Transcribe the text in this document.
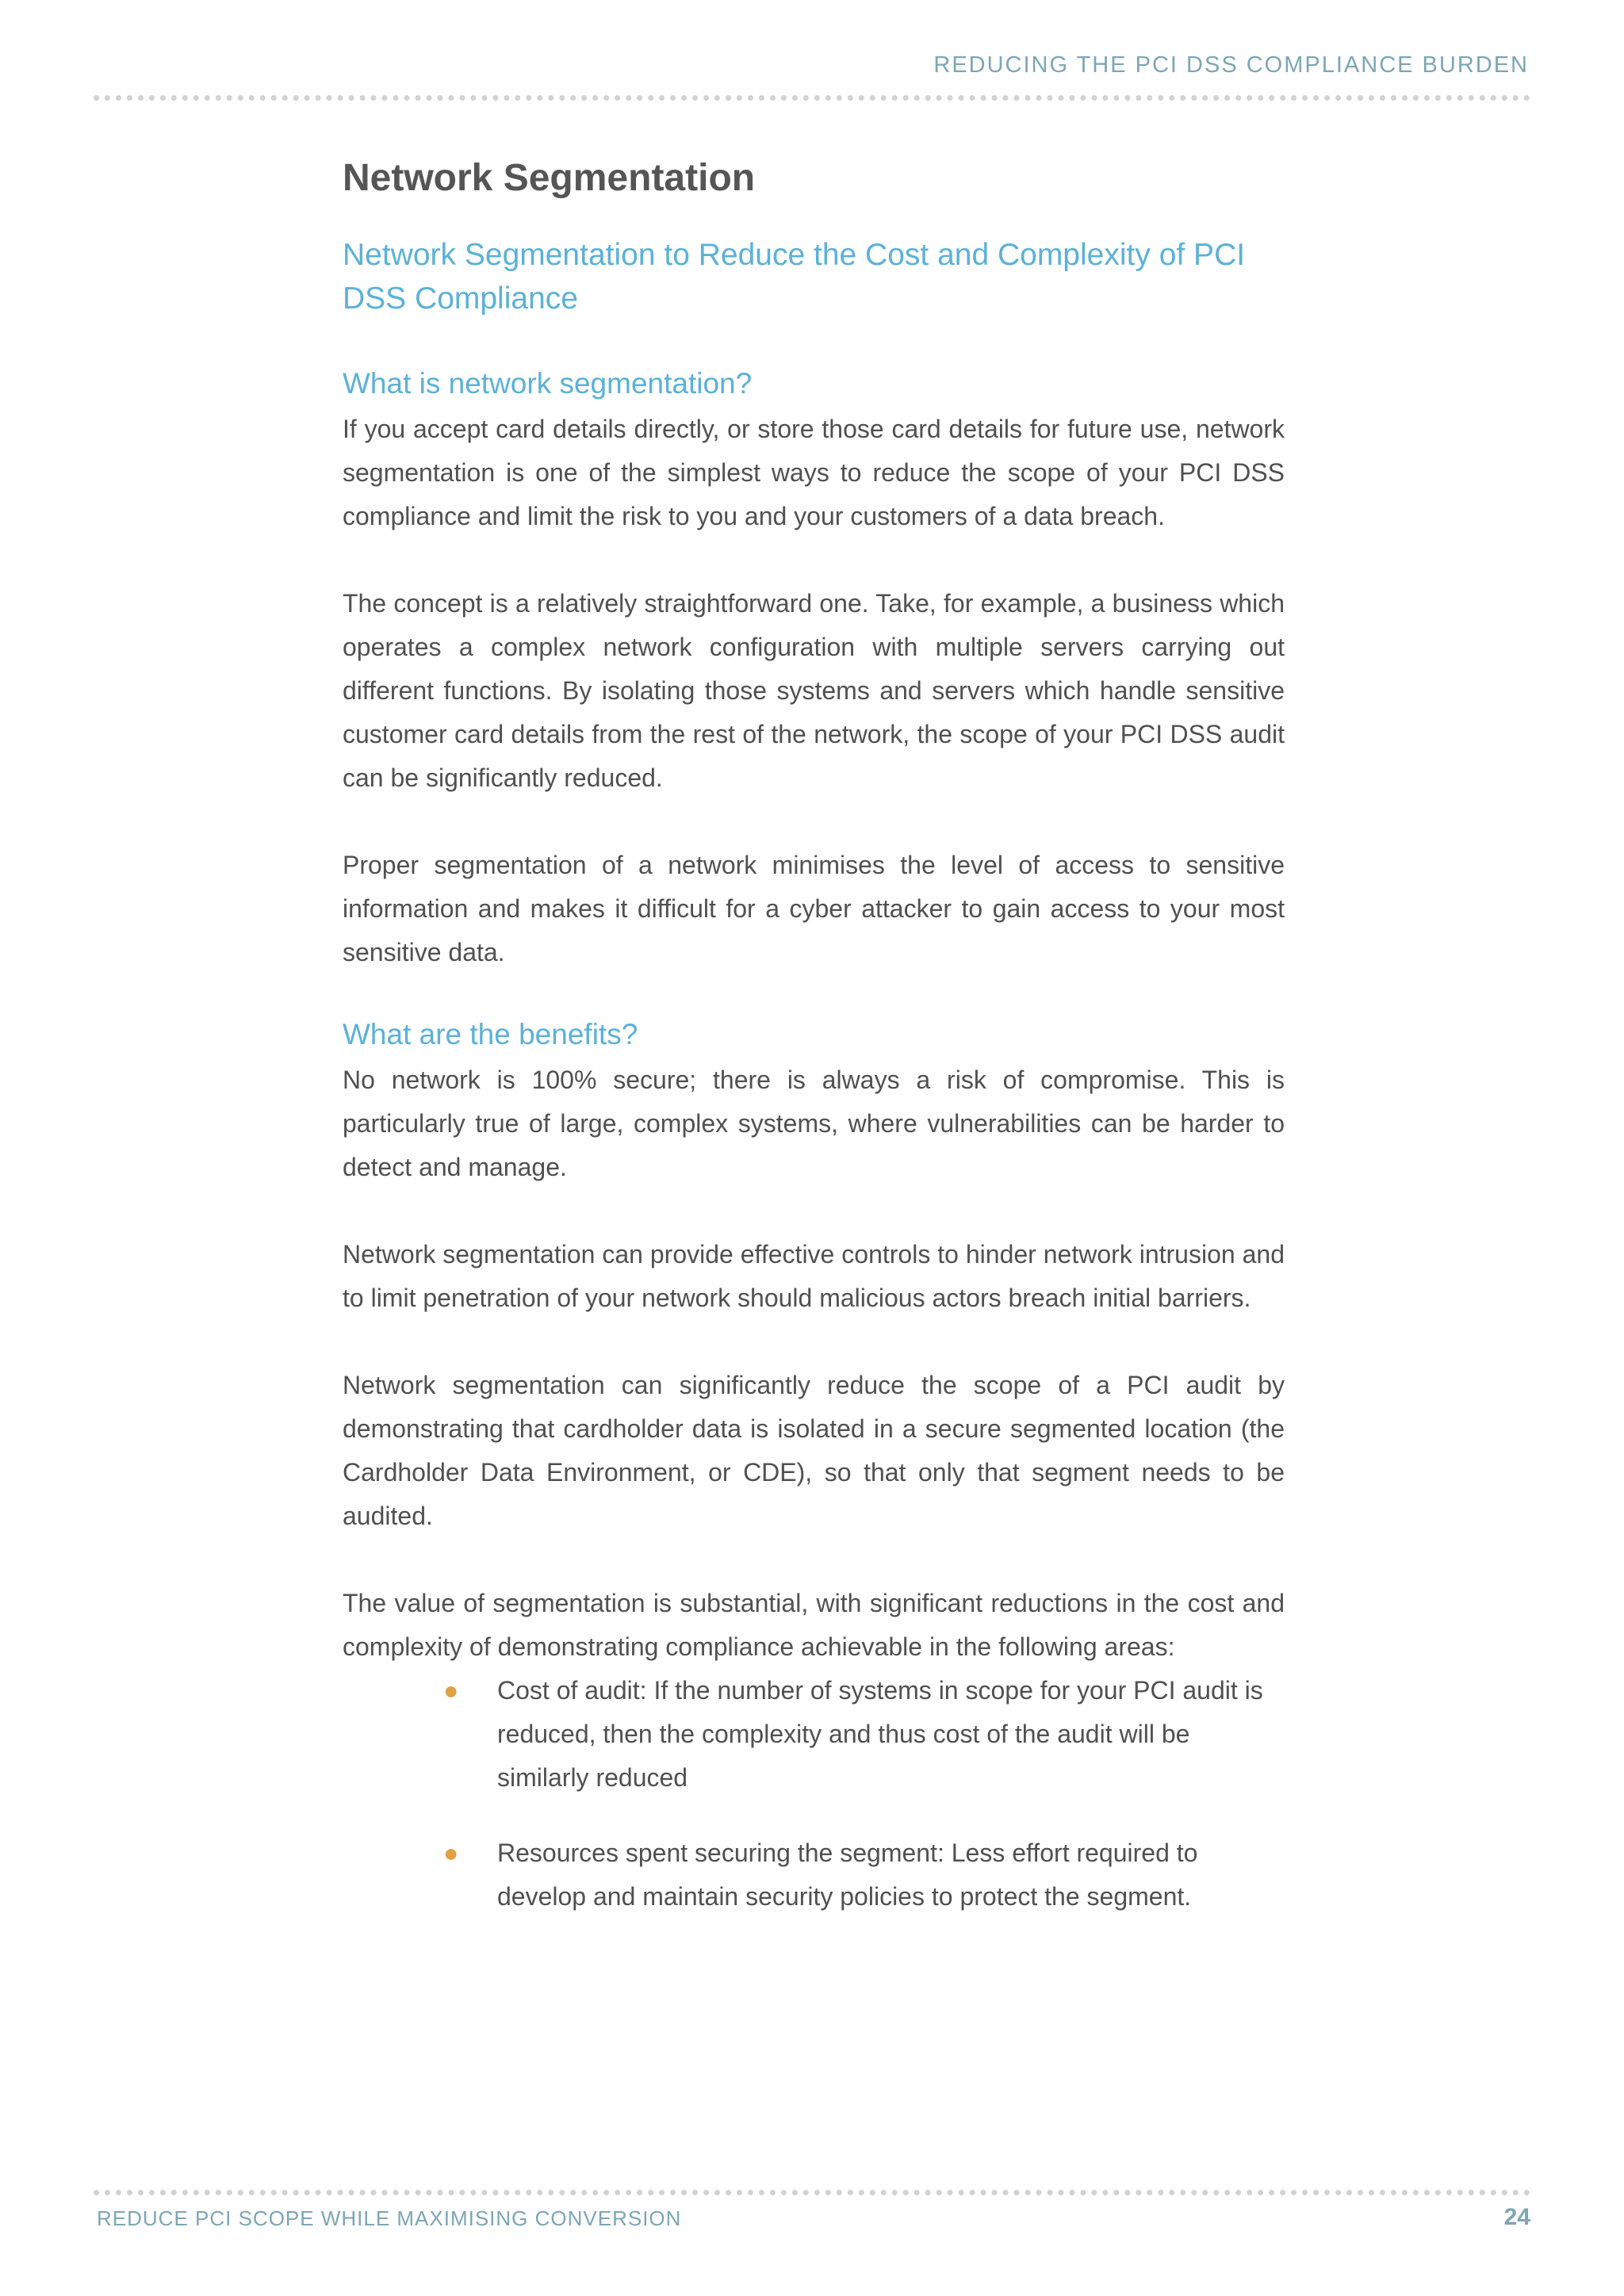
REDUCING THE PCI DSS COMPLIANCE BURDEN
Network Segmentation
Network Segmentation to Reduce the Cost and Complexity of PCI DSS Compliance
What is network segmentation?

If you accept card details directly, or store those card details for future use, network segmentation is one of the simplest ways to reduce the scope of your PCI DSS compliance and limit the risk to you and your customers of a data breach.

The concept is a relatively straightforward one. Take, for example, a business which operates a complex network configuration with multiple servers carrying out different functions. By isolating those systems and servers which handle sensitive customer card details from the rest of the network, the scope of your PCI DSS audit can be significantly reduced.

Proper segmentation of a network minimises the level of access to sensitive information and makes it difficult for a cyber attacker to gain access to your most sensitive data.

What are the benefits?

No network is 100% secure; there is always a risk of compromise. This is particularly true of large, complex systems, where vulnerabilities can be harder to detect and manage.

Network segmentation can provide effective controls to hinder network intrusion and to limit penetration of your network should malicious actors breach initial barriers.

Network segmentation can significantly reduce the scope of a PCI audit by demonstrating that cardholder data is isolated in a secure segmented location (the Cardholder Data Environment, or CDE), so that only that segment needs to be audited.

The value of segmentation is substantial, with significant reductions in the cost and complexity of demonstrating compliance achievable in the following areas:

● Cost of audit: If the number of systems in scope for your PCI audit is reduced, then the complexity and thus cost of the audit will be similarly reduced
● Resources spent securing the segment: Less effort required to develop and maintain security policies to protect the segment.
REDUCE PCI SCOPE WHILE MAXIMISING CONVERSION	24
